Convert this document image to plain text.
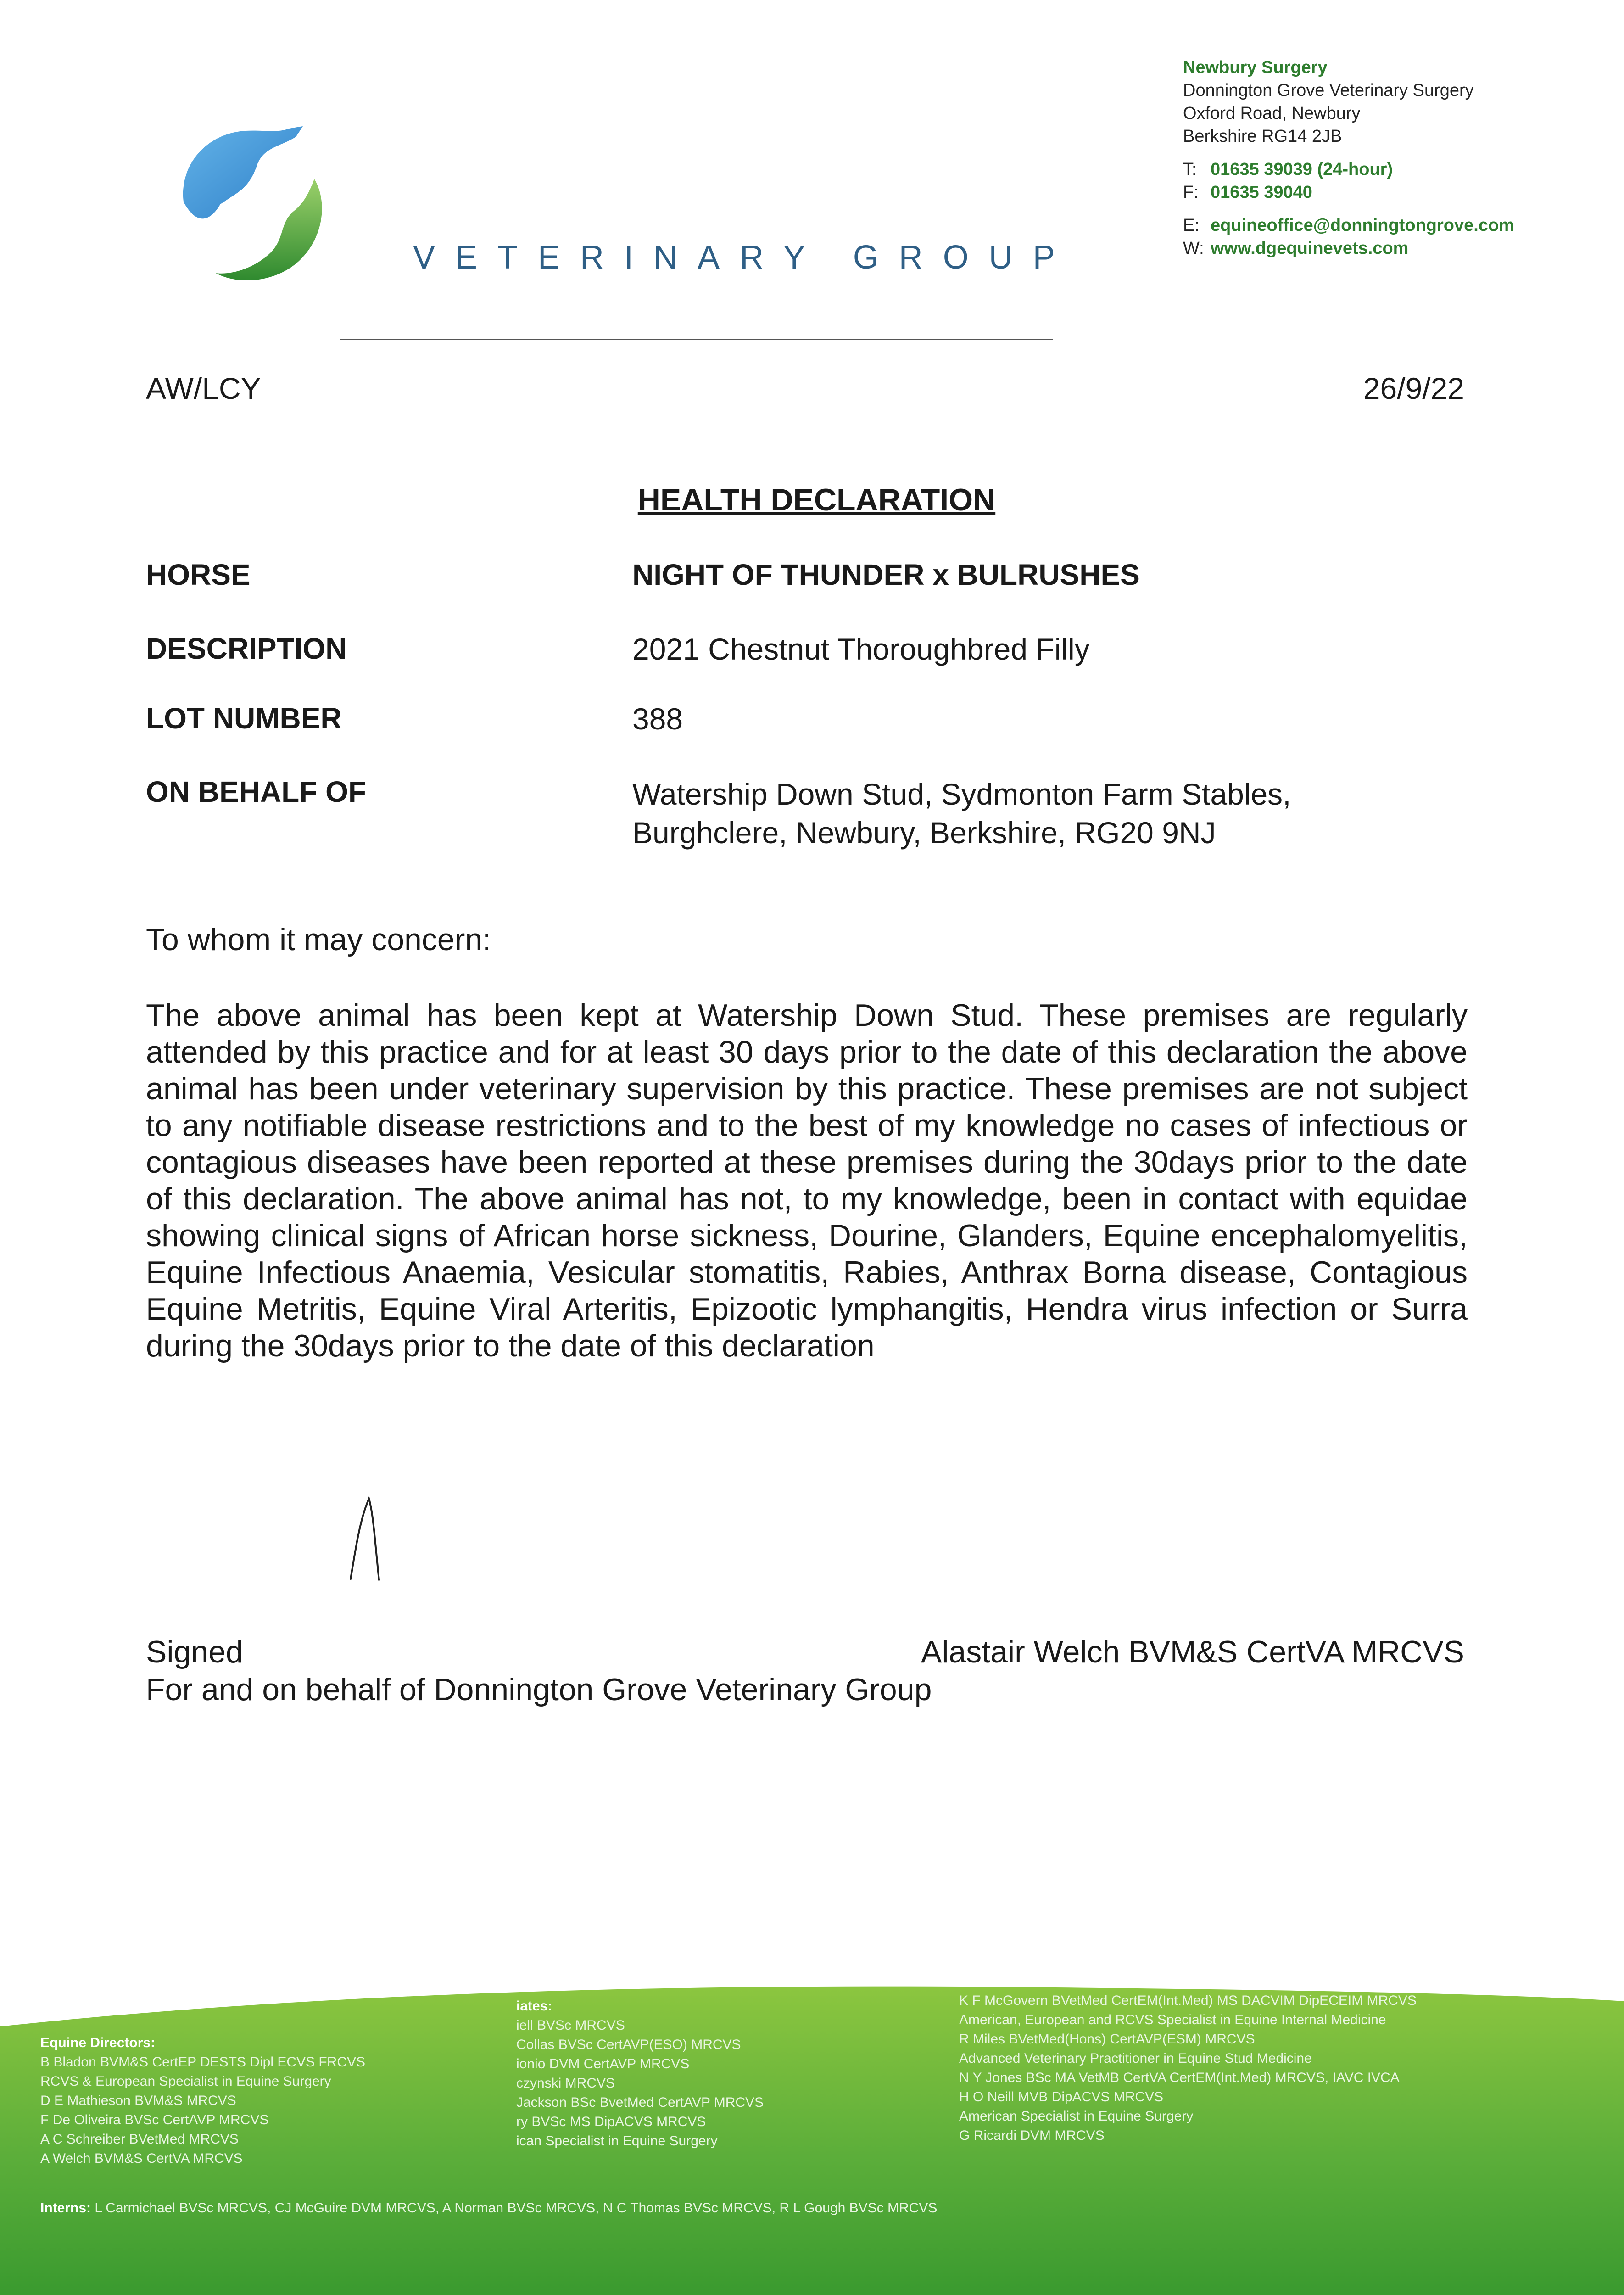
VETERINARY GROUP
Newbury Surgery
Donnington Grove Veterinary Surgery
Oxford Road, Newbury
Berkshire RG14 2JB
T: 01635 39039 (24-hour)
F: 01635 39040
E: equineoffice@donningtongrove.com
W: www.dgequinevets.com
AW/LCY	26/9/22
HEALTH DECLARATION
HORSE	NIGHT OF THUNDER x BULRUSHES
DESCRIPTION	2021 Chestnut Thoroughbred Filly
LOT NUMBER	388
ON BEHALF OF	Watership Down Stud, Sydmonton Farm Stables,
Burghclere, Newbury, Berkshire, RG20 9NJ
To whom it may concern:
The above animal has been kept at Watership Down Stud. These premises are regularly attended by this practice and for at least 30 days prior to the date of this declaration the above animal has been under veterinary supervision by this practice. These premises are not subject to any notifiable disease restrictions and to the best of my knowledge no cases of infectious or contagious diseases have been reported at these premises during the 30days prior to the date of this declaration. The above animal has not, to my knowledge, been in contact with equidae showing clinical signs of African horse sickness, Dourine, Glanders, Equine encephalomyelitis, Equine Infectious Anaemia, Vesicular stomatitis, Rabies, Anthrax Borna disease, Contagious Equine Metritis, Equine Viral Arteritis, Epizootic lymphangitis, Hendra virus infection or Surra during the 30days prior to the date of this declaration
Signed	Alastair Welch BVM&S CertVA MRCVS
For and on behalf of Donnington Grove Veterinary Group
Equine Directors:
B Bladon BVM&S CertEP DESTS Dipl ECVS FRCVS
RCVS & European Specialist in Equine Surgery
D E Mathieson BVM&S MRCVS
F De Oliveira BVSc CertAVP MRCVS
A C Schreiber BVetMed MRCVS
A Welch BVM&S CertVA MRCVS
iates:
iell BVSc MRCVS
Collas BVSc CertAVP(ESO) MRCVS
ionio DVM CertAVP MRCVS
czynski MRCVS
Jackson BSc BvetMed CertAVP MRCVS
ry BVSc MS DipACVS MRCVS
ican Specialist in Equine Surgery
K F McGovern BVetMed CertEM(Int.Med) MS DACVIM DipECEIM MRCVS
American, European and RCVS Specialist in Equine Internal Medicine
R Miles BVetMed(Hons) CertAVP(ESM) MRCVS
Advanced Veterinary Practitioner in Equine Stud Medicine
N Y Jones BSc MA VetMB CertVA CertEM(Int.Med) MRCVS, IAVC IVCA
H O Neill MVB DipACVS MRCVS
American Specialist in Equine Surgery
G Ricardi DVM MRCVS
Interns: L Carmichael BVSc MRCVS, CJ McGuire DVM MRCVS, A Norman BVSc MRCVS, N C Thomas BVSc MRCVS, R L Gough BVSc MRCVS
